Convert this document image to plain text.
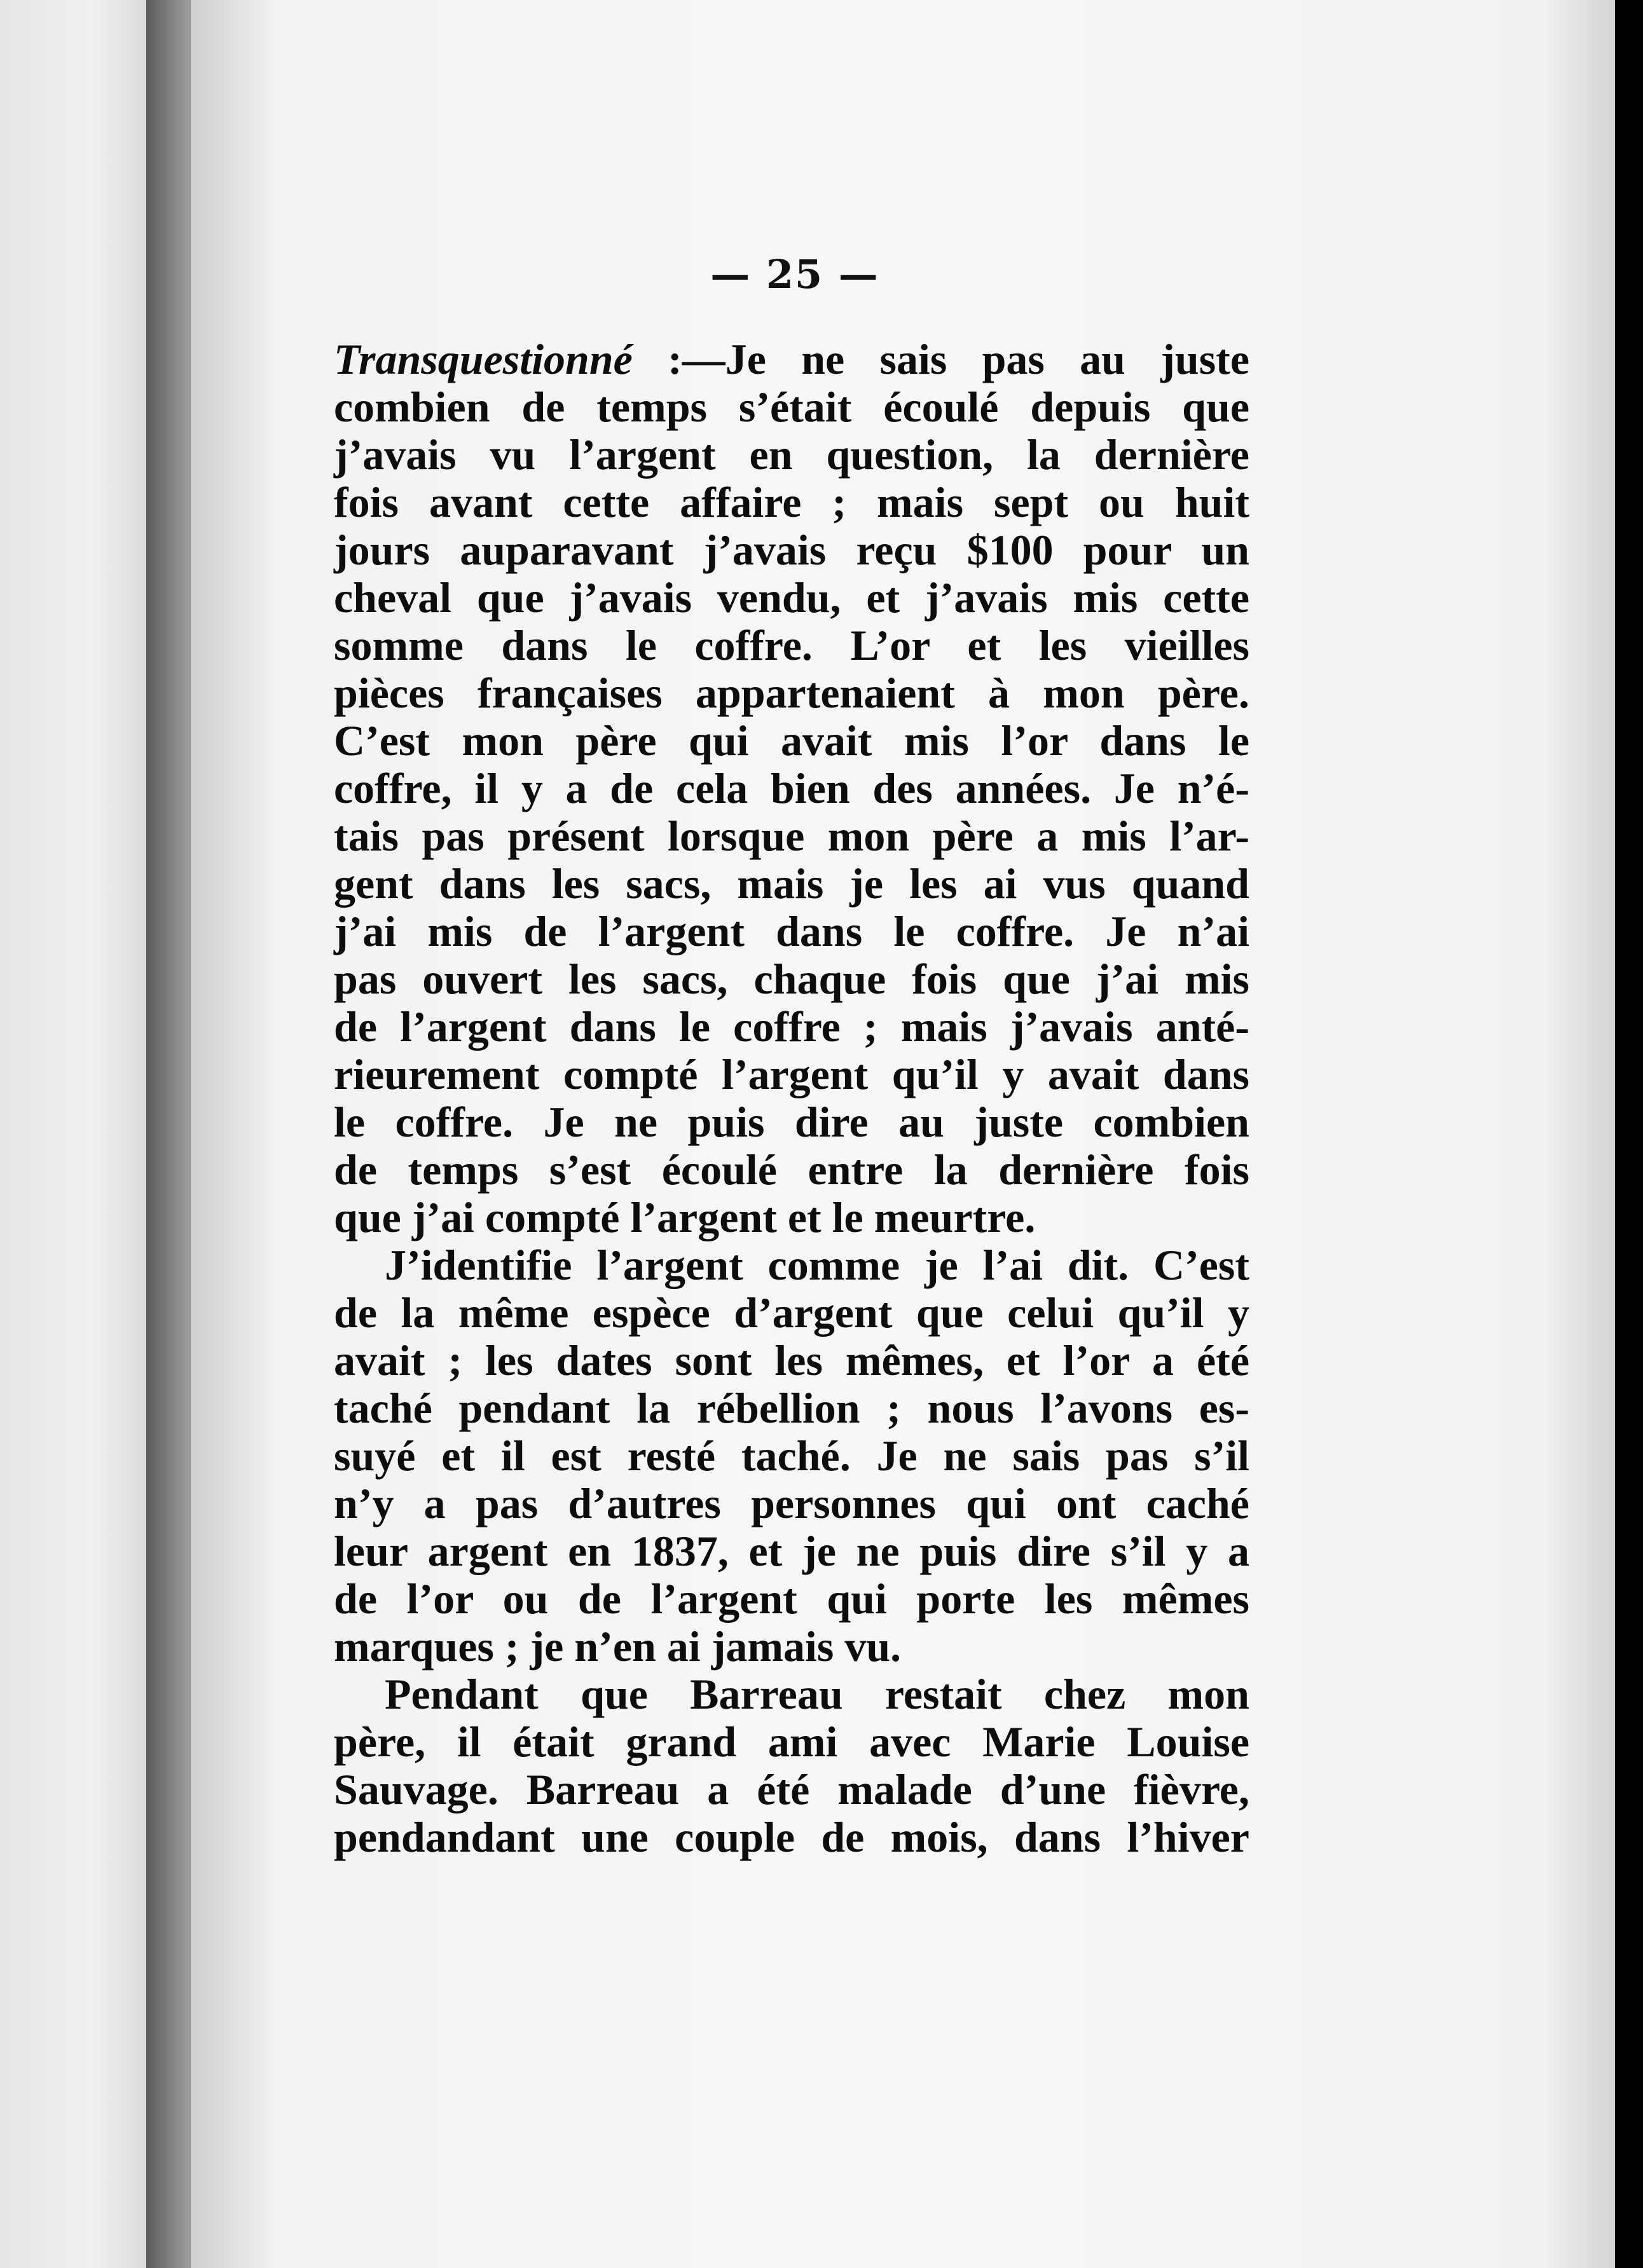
— 25 —
Transquestionné :—Je ne sais pas au juste
combien de temps s’était écoulé depuis que
j’avais vu l’argent en question, la dernière
fois avant cette affaire ; mais sept ou huit
jours auparavant j’avais reçu $100 pour un
cheval que j’avais vendu, et j’avais mis cette
somme dans le coffre. L’or et les vieilles
pièces françaises appartenaient à mon père.
C’est mon père qui avait mis l’or dans le
coffre, il y a de cela bien des années. Je n’é-
tais pas présent lorsque mon père a mis l’ar-
gent dans les sacs, mais je les ai vus quand
j’ai mis de l’argent dans le coffre. Je n’ai
pas ouvert les sacs, chaque fois que j’ai mis
de l’argent dans le coffre ; mais j’avais anté-
rieurement compté l’argent qu’il y avait dans
le coffre. Je ne puis dire au juste combien
de temps s’est écoulé entre la dernière fois
que j’ai compté l’argent et le meurtre.
J’identifie l’argent comme je l’ai dit. C’est
de la même espèce d’argent que celui qu’il y
avait ; les dates sont les mêmes, et l’or a été
taché pendant la rébellion ; nous l’avons es-
suyé et il est resté taché. Je ne sais pas s’il
n’y a pas d’autres personnes qui ont caché
leur argent en 1837, et je ne puis dire s’il y a
de l’or ou de l’argent qui porte les mêmes
marques ; je n’en ai jamais vu.
Pendant que Barreau restait chez mon
père, il était grand ami avec Marie Louise
Sauvage. Barreau a été malade d’une fièvre,
pendandant une couple de mois, dans l’hiver
